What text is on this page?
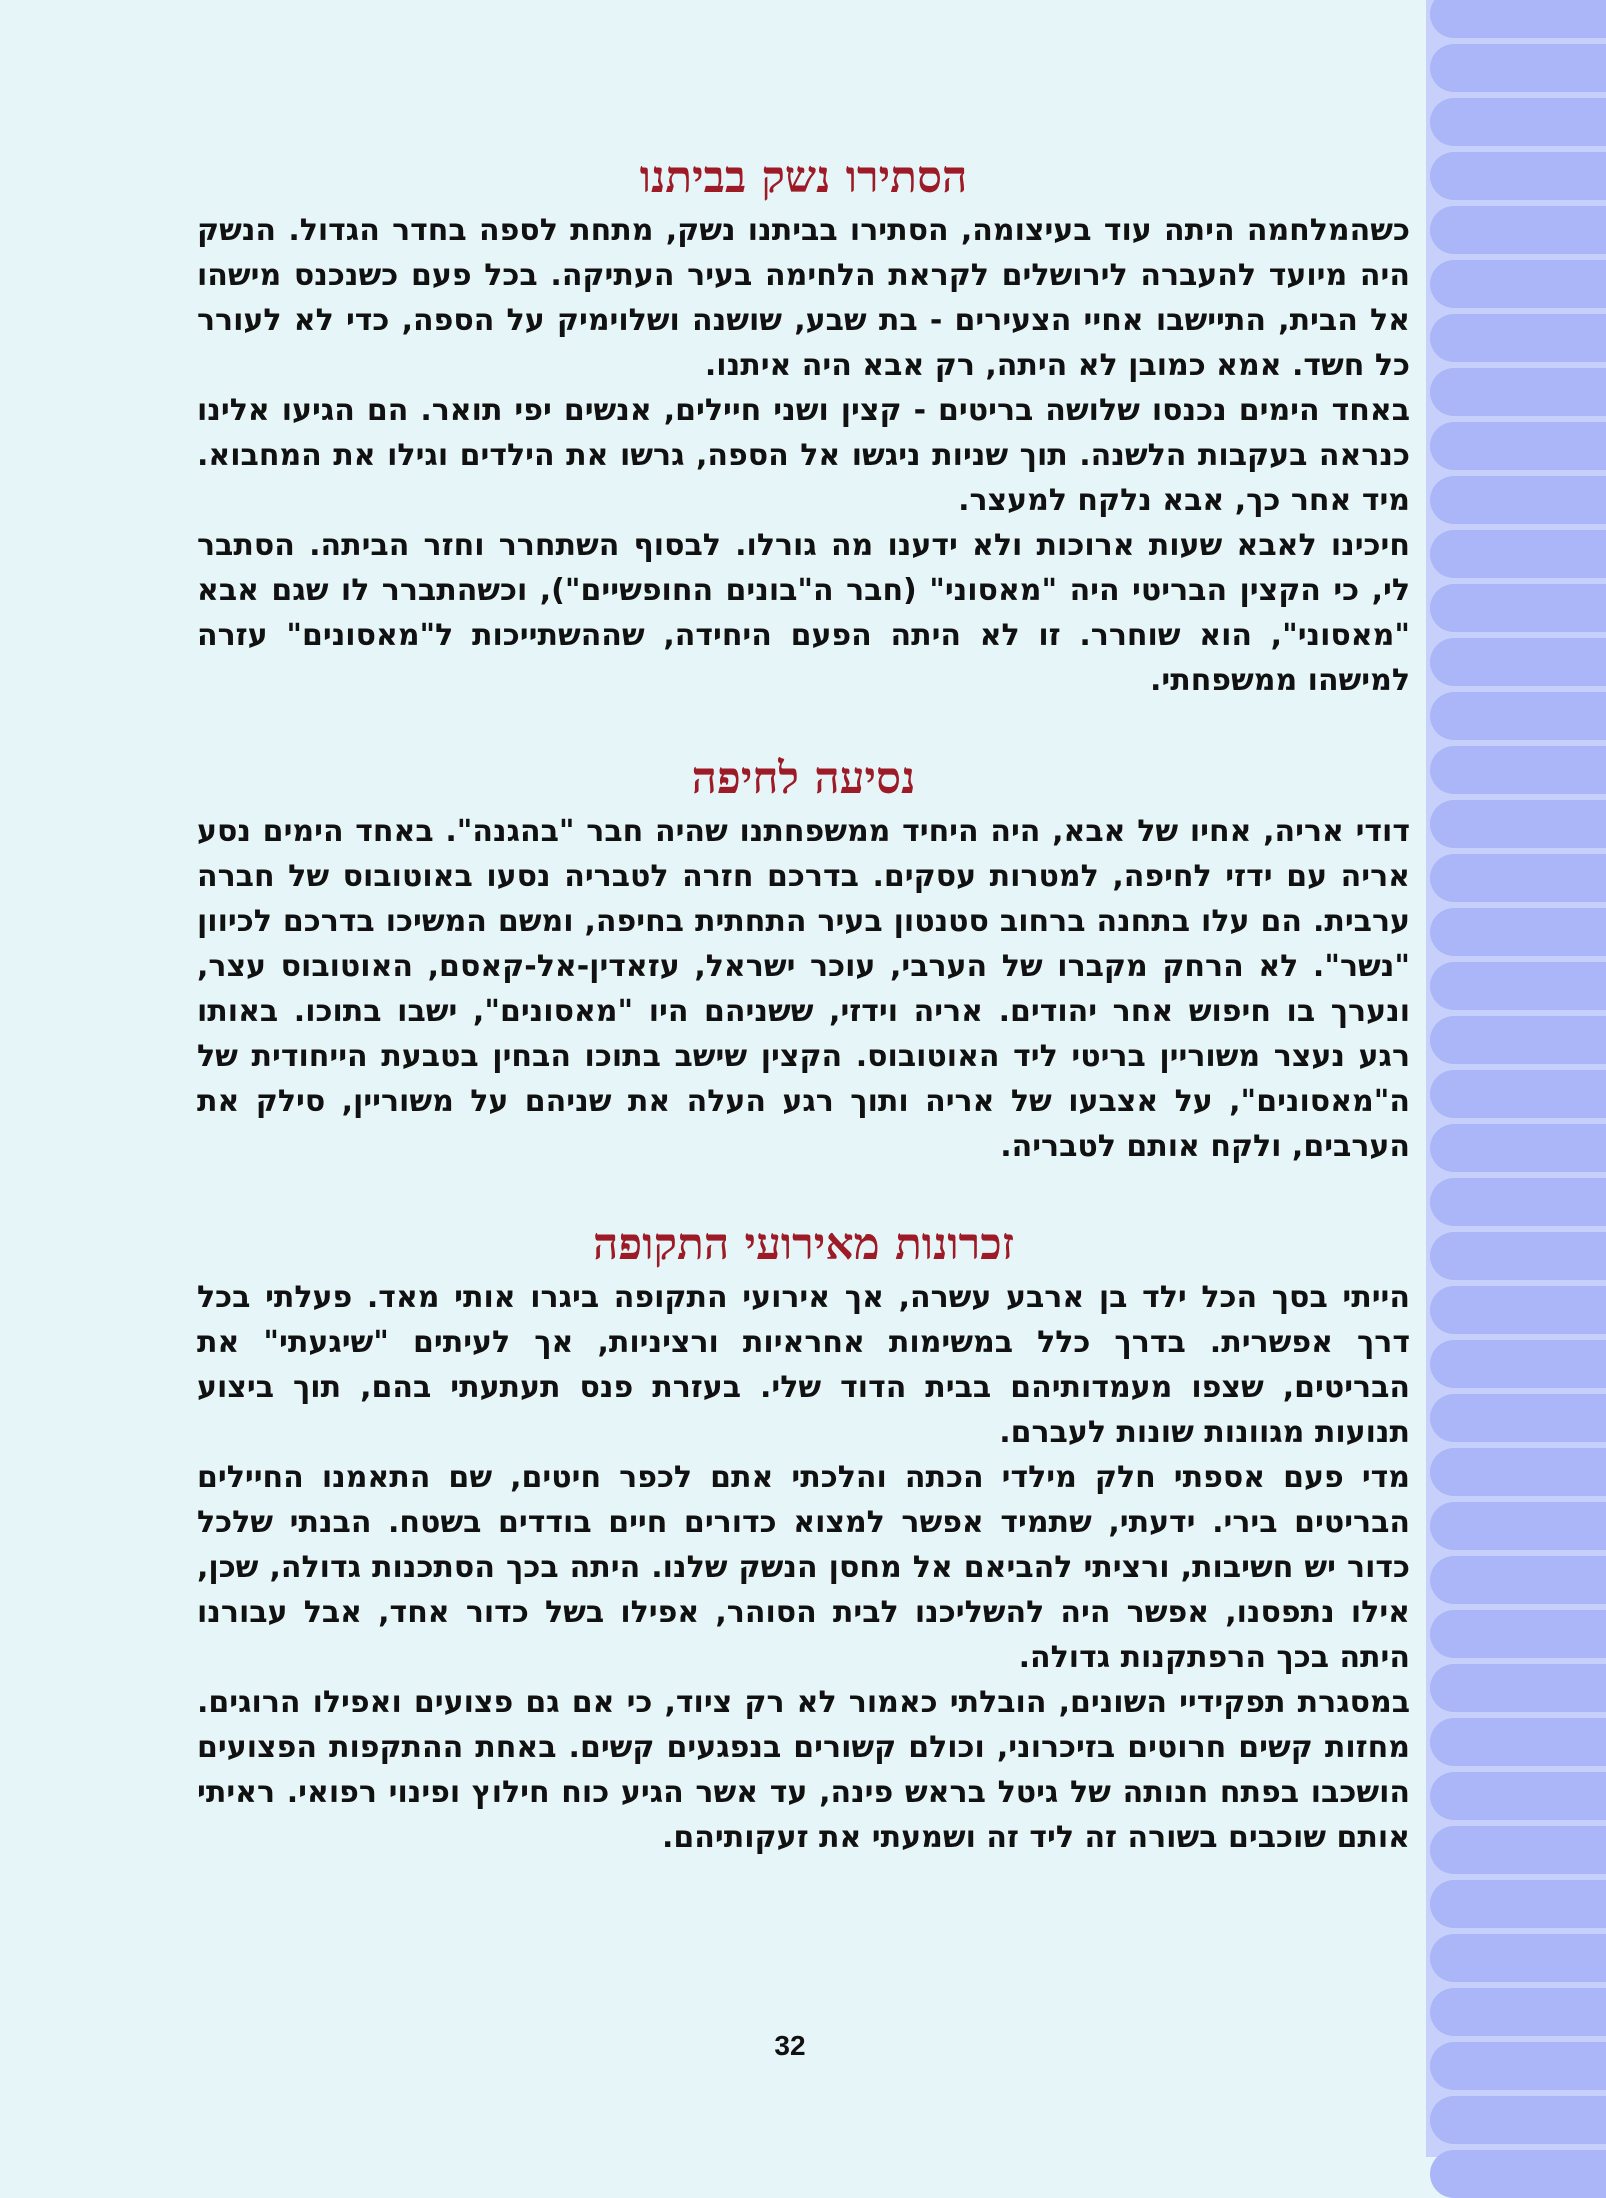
הסתירו נשק בביתנו

כשהמלחמה היתה עוד בעיצומה, הסתירו בביתנו נשק, מתחת לספה בחדר הגדול. הנשק היה מיועד להעברה לירושלים לקראת הלחימה בעיר העתיקה. בכל פעם כשנכנס מישהו אל הבית, התיישבו אחיי הצעירים - בת שבע, שושנה ושלוימיק על הספה, כדי לא לעורר כל חשד. אמא כמובן לא היתה, רק אבא היה איתנו.

באחד הימים נכנסו שלושה בריטים - קצין ושני חיילים, אנשים יפי תואר. הם הגיעו אלינו כנראה בעקבות הלשנה. תוך שניות ניגשו אל הספה, גרשו את הילדים וגילו את המחבוא. מיד אחר כך, אבא נלקח למעצר.

חיכינו לאבא שעות ארוכות ולא ידענו מה גורלו. לבסוף השתחרר וחזר הביתה. הסתבר לי, כי הקצין הבריטי היה "מאסוני" (חבר ה"בונים החופשיים"), וכשהתברר לו שגם אבא "מאסוני", הוא שוחרר. זו לא היתה הפעם היחידה, שההשתייכות ל"מאסונים" עזרה למישהו ממשפחתי.

נסיעה לחיפה

דודי אריה, אחיו של אבא, היה היחיד ממשפחתנו שהיה חבר "בהגנה". באחד הימים נסע אריה עם ידזי לחיפה, למטרות עסקים. בדרכם חזרה לטבריה נסעו באוטובוס של חברה ערבית. הם עלו בתחנה ברחוב סטנטון בעיר התחתית בחיפה, ומשם המשיכו בדרכם לכיוון "נשר". לא הרחק מקברו של הערבי, עוכר ישראל, עזאדין-אל-קאסם, האוטובוס עצר, ונערך בו חיפוש אחר יהודים. אריה וידזי, ששניהם היו "מאסונים", ישבו בתוכו. באותו רגע נעצר משוריין בריטי ליד האוטובוס. הקצין שישב בתוכו הבחין בטבעת הייחודית של ה"מאסונים", על אצבעו של אריה ותוך רגע העלה את שניהם על משוריין, סילק את הערבים, ולקח אותם לטבריה.

זכרונות מאירועי התקופה

הייתי בסך הכל ילד בן ארבע עשרה, אך אירועי התקופה ביגרו אותי מאד. פעלתי בכל דרך אפשרית. בדרך כלל במשימות אחראיות ורציניות, אך לעיתים "שיגעתי" את הבריטים, שצפו מעמדותיהם בבית הדוד שלי. בעזרת פנס תעתעתי בהם, תוך ביצוע תנועות מגוונות שונות לעברם.

מדי פעם אספתי חלק מילדי הכתה והלכתי אתם לכפר חיטים, שם התאמנו החיילים הבריטים בירי. ידעתי, שתמיד אפשר למצוא כדורים חיים בודדים בשטח. הבנתי שלכל כדור יש חשיבות, ורציתי להביאם אל מחסן הנשק שלנו. היתה בכך הסתכנות גדולה, שכן, אילו נתפסנו, אפשר היה להשליכנו לבית הסוהר, אפילו בשל כדור אחד, אבל עבורנו היתה בכך הרפתקנות גדולה.

במסגרת תפקידיי השונים, הובלתי כאמור לא רק ציוד, כי אם גם פצועים ואפילו הרוגים. מחזות קשים חרוטים בזיכרוני, וכולם קשורים בנפגעים קשים. באחת ההתקפות הפצועים הושכבו בפתח חנותה של גיטל בראש פינה, עד אשר הגיע כוח חילוץ ופינוי רפואי. ראיתי אותם שוכבים בשורה זה ליד זה ושמעתי את זעקותיהם.

32
